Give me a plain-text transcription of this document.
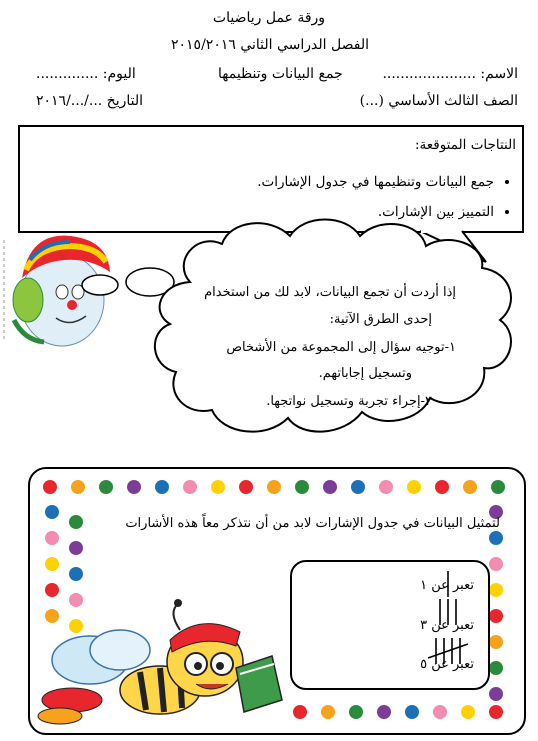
ورقة عمل رياضيات
الفصل الدراسي الثاني ٢٠١٥/٢٠١٦
الاسم: .....................
جمع البيانات وتنظيمها
اليوم: ..............
الصف الثالث الأساسي (...)
التاريخ .../.../٢٠١٦
النتاجات المتوقعة:
• جمع البيانات وتنظيمها في جدول الإشارات.
• التمييز بين الإشارات.
إذا أردت أن تجمع البيانات، لابد لك من استخدام
إحدى الطرق الآتية:
١-توجيه سؤال إلى المجموعة من الأشخاص
وتسجيل إجاباتهم.
٢-إجراء تجربة وتسجيل نواتجها.
لتمثيل البيانات في جدول الإشارات لابد من أن نتذكر معاً هذه الأشارات
تعبر عن ١
تعبر عن ٣
تعبر عن ٥
